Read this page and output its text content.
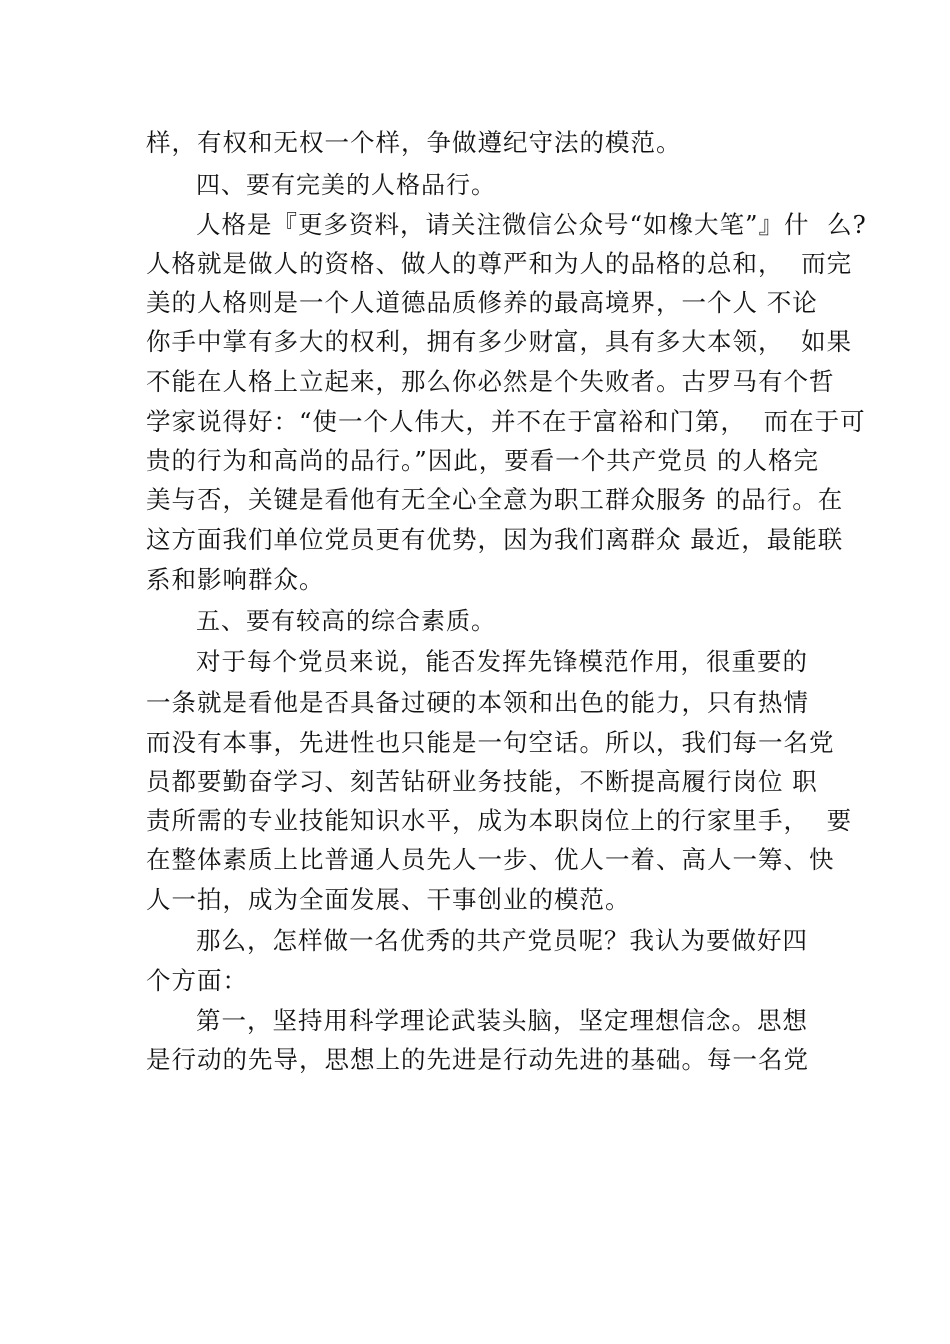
样，有权和无权一个样，争做遵纪守法的模范。
四、要有完美的人格品行。
人格是『更多资料，请关注微信公众号“如橡大笔”』什  么?
人格就是做人的资格、做人的尊严和为人的品格的总和，  而完
美的人格则是一个人道德品质修养的最高境界，一个人 不论
你手中掌有多大的权利，拥有多少财富，具有多大本领，  如果
不能在人格上立起来，那么你必然是个失败者。古罗马有个哲
学家说得好：“使一个人伟大，并不在于富裕和门第，  而在于可
贵的行为和高尚的品行。”因此，要看一个共产党员 的人格完
美与否，关键是看他有无全心全意为职工群众服务 的品行。在
这方面我们单位党员更有优势，因为我们离群众 最近，最能联
系和影响群众。
五、要有较高的综合素质。
对于每个党员来说，能否发挥先锋模范作用，很重要的
一条就是看他是否具备过硬的本领和出色的能力，只有热情
而没有本事，先进性也只能是一句空话。所以，我们每一名党
员都要勤奋学习、刻苦钻研业务技能，不断提高履行岗位 职
责所需的专业技能知识水平，成为本职岗位上的行家里手，  要
在整体素质上比普通人员先人一步、优人一着、高人一筹、快
人一拍，成为全面发展、干事创业的模范。
那么，怎样做一名优秀的共产党员呢？我认为要做好四
个方面：
第一，坚持用科学理论武装头脑，坚定理想信念。思想
是行动的先导，思想上的先进是行动先进的基础。每一名党
